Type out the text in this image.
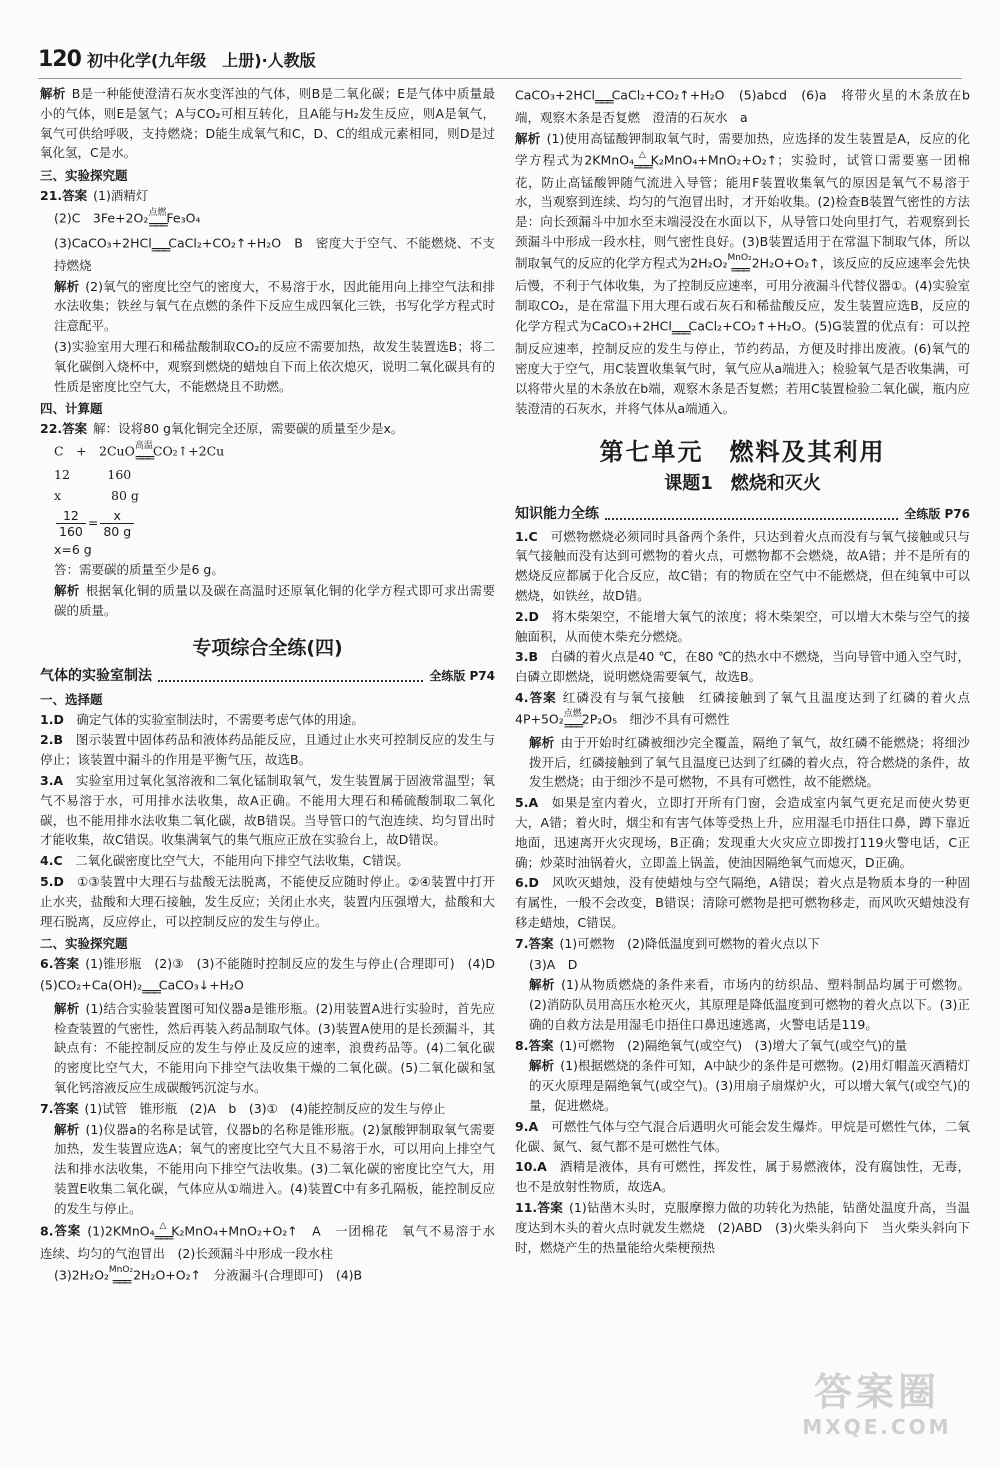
120 初中化学(九年级　上册)·人教版

解析 B是一种能使澄清石灰水变浑浊的气体，则B是二氧化碳；E是气体中质量最小的气体，则E是氢气；A与CO₂可相互转化，且A能与H₂发生反应，则A是氧气，氧气可供给呼吸，支持燃烧；D能生成氧气和C，D、C的组成元素相同，则D是过氧化氢，C是水。

三、实验探究题

21.答案 (1)酒精灯

(2)C　3Fe+2O₂ 点燃
═══ Fe₃O₄

(3)CaCO₃+2HCl
═══ CaCl₂+CO₂↑+H₂O　B　密度大于空气、不能燃烧、不支持燃烧

解析 (2)氧气的密度比空气的密度大，不易溶于水，因此能用向上排空气法和排水法收集；铁丝与氧气在点燃的条件下反应生成四氧化三铁，书写化学方程式时注意配平。

(3)实验室用大理石和稀盐酸制取CO₂的反应不需要加热，故发生装置选B；将二氧化碳倒入烧杯中，观察到燃烧的蜡烛自下而上依次熄灭，说明二氧化碳具有的性质是密度比空气大，不能燃烧且不助燃。

四、计算题

22.答案 解：设将80 g氧化铜完全还原，需要碳的质量至少是x。

C　+　2CuO 高温
═══ CO₂↑+2Cu

12　　　160

x　　　　80 g

$\frac{12}{160} = \frac{x}{80 g}$

x=6 g

答：需要碳的质量至少是6 g。

解析 根据氧化铜的质量以及碳在高温时还原氧化铜的化学方程式即可求出需要碳的质量。

专项综合全练(四)
气体的实验室制法	全练版 P74
一、选择题

1.D　 确定气体的实验室制法时，不需要考虑气体的用途。

2.B　 图示装置中固体药品和液体药品能反应，且通过止水夹可控制反应的发生与停止；该装置中漏斗的作用是平衡气压，故选B。

3.A　 实验室用过氧化氢溶液和二氧化锰制取氧气，发生装置属于固液常温型；氧气不易溶于水，可用排水法收集，故A正确。不能用大理石和稀硫酸制取二氧化碳，也不能用排水法收集二氧化碳，故B错误。当导管口的气泡连续、均匀冒出时才能收集，故C错误。收集满氧气的集气瓶应正放在实验台上，故D错误。

4.C　 二氧化碳密度比空气大，不能用向下排空气法收集，C错误。

5.D　 ①③装置中大理石与盐酸无法脱离，不能使反应随时停止。②④装置中打开止水夹，盐酸和大理石接触，发生反应；关闭止水夹，装置内压强增大，盐酸和大理石脱离，反应停止，可以控制反应的发生与停止。

二、实验探究题

6.答案 (1)锥形瓶　(2)③　(3)不能随时控制反应的发生与停止(合理即可)　(4)D　(5)CO₂+Ca(OH)₂
═══ CaCO₃↓+H₂O

解析 (1)结合实验装置图可知仪器a是锥形瓶。(2)用装置A进行实验时，首先应检查装置的气密性，然后再装入药品制取气体。(3)装置A使用的是长颈漏斗，其缺点有：不能控制反应的发生与停止及反应的速率，浪费药品等。(4)二氧化碳的密度比空气大，不能用向下排空气法收集干燥的二氧化碳。(5)二氧化碳和氢氧化钙溶液反应生成碳酸钙沉淀与水。

7.答案 (1)试管　锥形瓶　(2)A　b　(3)①　(4)能控制反应的发生与停止

解析 (1)仪器a的名称是试管，仪器b的名称是锥形瓶。(2)氯酸钾制取氧气需要加热，发生装置应选A；氧气的密度比空气大且不易溶于水，可以用向上排空气法和排水法收集，不能用向下排空气法收集。(3)二氧化碳的密度比空气大，用装置E收集二氧化碳，气体应从①端进入。(4)装置C中有多孔隔板，能控制反应的发生与停止。

8.答案 (1)2KMnO₄ △
═══ K₂MnO₄+MnO₂+O₂↑　A　一团棉花　氧气不易溶于水　连续、均匀的气泡冒出　(2)长颈漏斗中形成一段水柱

(3)2H₂O₂ MnO₂
═══ 2H₂O+O₂↑　分液漏斗(合理即可)　(4)B

CaCO₃+2HCl
═══ CaCl₂+CO₂↑+H₂O　(5)abcd　(6)a　将带火星的木条放在b端，观察木条是否复燃　澄清的石灰水　a

解析 (1)使用高锰酸钾制取氧气时，需要加热，应选择的发生装置是A，反应的化学方程式为2KMnO₄ △
═══ K₂MnO₄+MnO₂+O₂↑；实验时，试管口需要塞一团棉花，防止高锰酸钾随气流进入导管；能用F装置收集氧气的原因是氧气不易溶于水，当观察到连续、均匀的气泡冒出时，才开始收集。(2)检查B装置气密性的方法是：向长颈漏斗中加水至末端浸没在水面以下，从导管口处向里打气，若观察到长颈漏斗中形成一段水柱，则气密性良好。(3)B装置适用于在常温下制取气体，所以制取氧气的反应的化学方程式为2H₂O₂ MnO₂
═══ 2H₂O+O₂↑，该反应的反应速率会先快后慢，不利于气体收集，为了控制反应速率，可用分液漏斗代替仪器①。(4)实验室制取CO₂，是在常温下用大理石或石灰石和稀盐酸反应，发生装置应选B，反应的化学方程式为CaCO₃+2HCl
═══ CaCl₂+CO₂↑+H₂O。(5)G装置的优点有：可以控制反应速率，控制反应的发生与停止，节约药品，方便及时排出废液。(6)氧气的密度大于空气，用C装置收集氧气时，氧气应从a端进入；检验氧气是否收集满，可以将带火星的木条放在b端，观察木条是否复燃；若用C装置检验二氧化碳，瓶内应装澄清的石灰水，并将气体从a端通入。

第七单元　燃料及其利用
课题1　燃烧和灭火
知识能力全练	全练版 P76

1.C　 可燃物燃烧必须同时具备两个条件，只达到着火点而没有与氧气接触或只与氧气接触而没有达到可燃物的着火点，可燃物都不会燃烧，故A错；并不是所有的燃烧反应都属于化合反应，故C错；有的物质在空气中不能燃烧，但在纯氧中可以燃烧，如铁丝，故D错。

2.D　 将木柴架空，不能增大氧气的浓度；将木柴架空，可以增大木柴与空气的接触面积，从而使木柴充分燃烧。

3.B　 白磷的着火点是40 ℃，在80 ℃的热水中不燃烧，当向导管中通入空气时，白磷立即燃烧，说明燃烧需要氧气，故选B。

4.答案 红磷没有与氧气接触　红磷接触到了氧气且温度达到了红磷的着火点　4P+5O₂ 点燃
═══ 2P₂O₅　细沙不具有可燃性

解析 由于开始时红磷被细沙完全覆盖，隔绝了氧气，故红磷不能燃烧；将细沙拨开后，红磷接触到了氧气且温度已达到了红磷的着火点，符合燃烧的条件，故发生燃烧；由于细沙不是可燃物，不具有可燃性，故不能燃烧。

5.A　 如果是室内着火，立即打开所有门窗，会造成室内氧气更充足而使火势更大，A错；着火时，烟尘和有害气体等受热上升，应用湿毛巾捂住口鼻，蹲下靠近地面，迅速离开火灾现场，B正确；发现重大火灾应立即拨打119火警电话，C正确；炒菜时油锅着火，立即盖上锅盖，使油因隔绝氧气而熄灭，D正确。

6.D　 风吹灭蜡烛，没有使蜡烛与空气隔绝，A错误；着火点是物质本身的一种固有属性，一般不会改变，B错误；清除可燃物是把可燃物移走，而风吹灭蜡烛没有移走蜡烛，C错误。

7.答案 (1)可燃物　(2)降低温度到可燃物的着火点以下

(3)A　D

解析 (1)从物质燃烧的条件来看，市场内的纺织品、塑料制品均属于可燃物。(2)消防队员用高压水枪灭火，其原理是降低温度到可燃物的着火点以下。(3)正确的自救方法是用湿毛巾捂住口鼻迅速逃离，火警电话是119。

8.答案 (1)可燃物　(2)隔绝氧气(或空气)　(3)增大了氧气(或空气)的量

解析 (1)根据燃烧的条件可知，A中缺少的条件是可燃物。(2)用灯帽盖灭酒精灯的灭火原理是隔绝氧气(或空气)。(3)用扇子扇煤炉火，可以增大氧气(或空气)的量，促进燃烧。

9.A　 可燃性气体与空气混合后遇明火可能会发生爆炸。甲烷是可燃性气体，二氧化碳、氮气、氦气都不是可燃性气体。

10.A　 酒精是液体，具有可燃性，挥发性，属于易燃液体，没有腐蚀性，无毒，也不是放射性物质，故选A。

11.答案 (1)钻凿木头时，克服摩擦力做的功转化为热能，钻凿处温度升高，当温度达到木头的着火点时就发生燃烧　(2)ABD　(3)火柴头斜向下　当火柴头斜向下时，燃烧产生的热量能给火柴梗预热

答案圈
MXQE.COM
